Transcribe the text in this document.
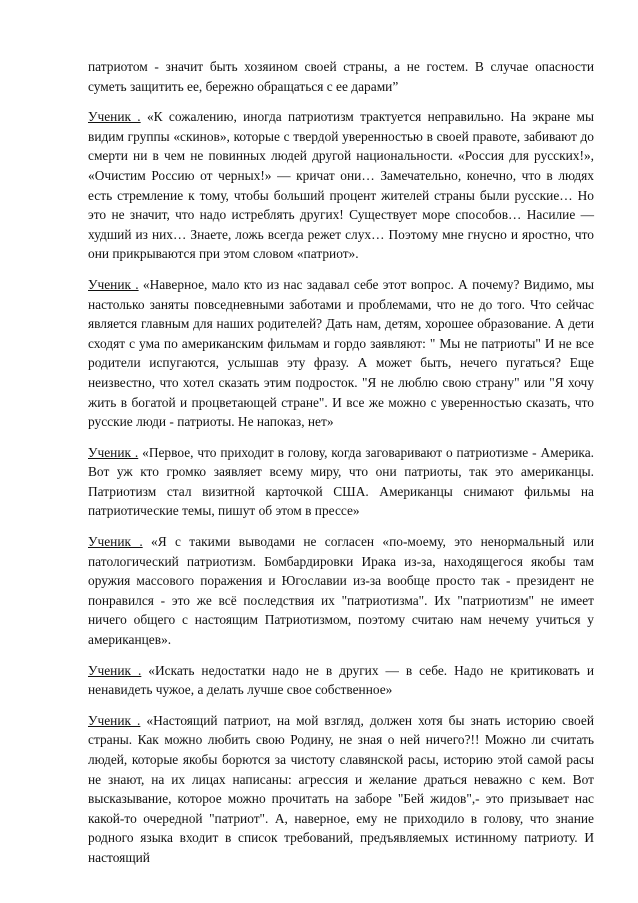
патриотом - значит быть хозяином своей страны, а не гостем. В случае опасности суметь защитить ее, бережно обращаться с ее дарами”

Ученик . «К сожалению, иногда патриотизм трактуется неправильно. На экране мы видим группы «скинов», которые с твердой уверенностью в своей правоте, забивают до смерти ни в чем не повинных людей другой национальности. «Россия для русских!», «Очистим Россию от черных!» — кричат они… Замечательно, конечно, что в людях есть стремление к тому, чтобы больший процент жителей страны были русские… Но это не значит, что надо истреблять других! Существует море способов… Насилие — худший из них… Знаете, ложь всегда режет слух… Поэтому мне гнусно и яростно, что они прикрываются при этом словом «патриот».

Ученик . «Наверное, мало кто из нас задавал себе этот вопрос. А почему? Видимо, мы настолько заняты повседневными заботами и проблемами, что не до того. Что сейчас является главным для наших родителей? Дать нам, детям, хорошее образование. А дети сходят с ума по американским фильмам и гордо заявляют: " Мы не патриоты" И не все родители испугаются, услышав эту фразу. А может быть, нечего пугаться? Еще неизвестно, что хотел сказать этим подросток. "Я не люблю свою страну" или "Я хочу жить в богатой и процветающей стране". И все же можно с уверенностью сказать, что русские люди - патриоты. Не напоказ, нет»

Ученик . «Первое, что приходит в голову, когда заговаривают о патриотизме - Америка. Вот уж кто громко заявляет всему миру, что они патриоты, так это американцы. Патриотизм стал визитной карточкой США. Американцы снимают фильмы на патриотические темы, пишут об этом в прессе»

Ученик . «Я с такими выводами не согласен «по-моему, это ненормальный или патологический патриотизм. Бомбардировки Ирака из-за, находящегося якобы там оружия массового поражения и Югославии из-за вообще просто так - президент не понравился - это же всё последствия их "патриотизма". Их "патриотизм" не имеет ничего общего с настоящим Патриотизмом, поэтому считаю нам нечему учиться у американцев».

Ученик . «Искать недостатки надо не в других — в себе. Надо не критиковать и ненавидеть чужое, а делать лучше свое собственное»

Ученик . «Настоящий патриот, на мой взгляд, должен хотя бы знать историю своей страны. Как можно любить свою Родину, не зная о ней ничего?!! Можно ли считать людей, которые якобы борются за чистоту славянской расы, историю этой самой расы не знают, на их лицах написаны: агрессия и желание драться неважно с кем. Вот высказывание, которое можно прочитать на заборе "Бей жидов",- это призывает нас какой-то очередной "патриот". А, наверное, ему не приходило в голову, что знание родного языка входит в список требований, предъявляемых истинному патриоту. И настоящий
